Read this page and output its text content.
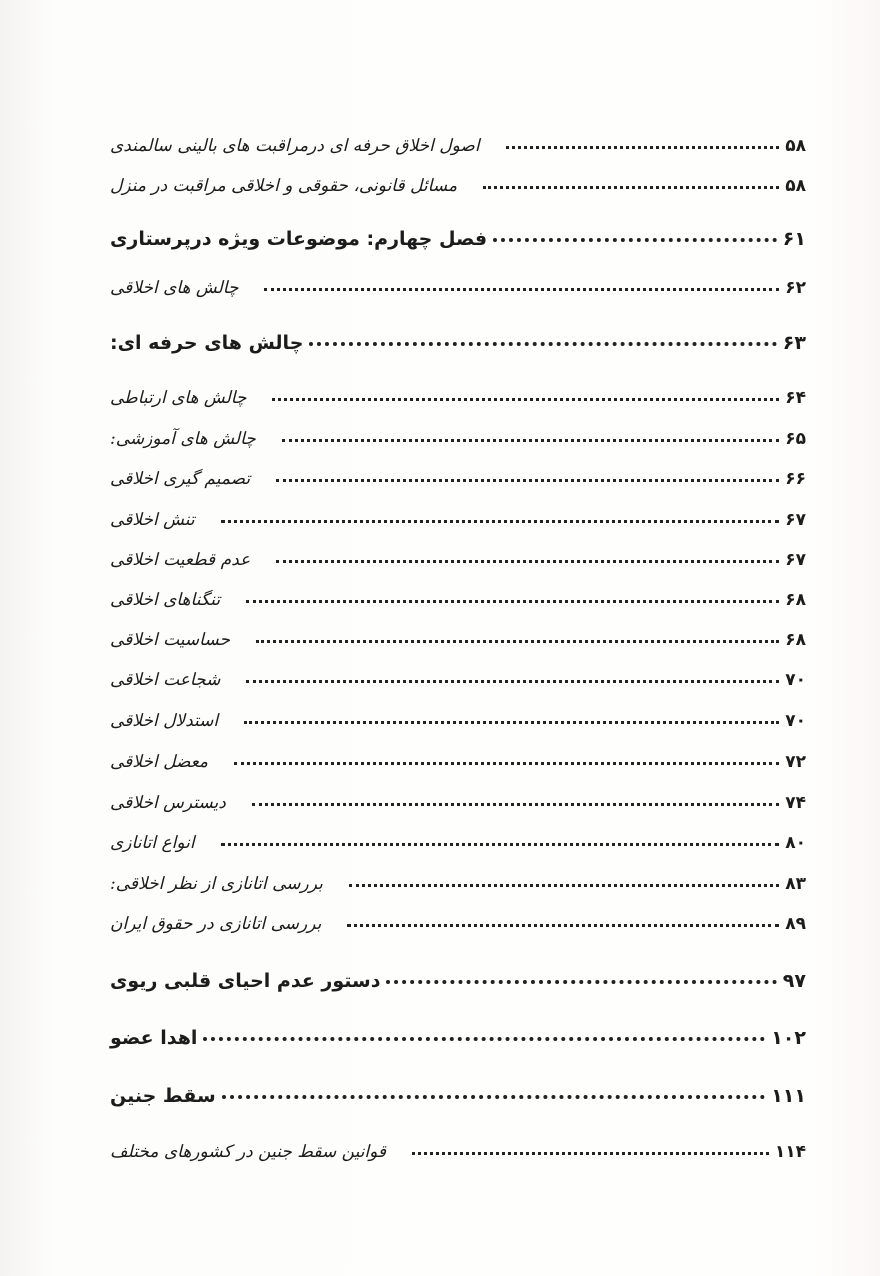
اصول اخلاق حرفه ای درمراقبت های بالینی سالمندی	۵۸
مسائل قانونی، حقوقی و اخلاقی مراقبت در منزل	۵۸
فصل چهارم: موضوعات ویژه درپرستاری	۶۱
چالش های اخلاقی	۶۲
چالش های حرفه ای:	۶۳
چالش های ارتباطی	۶۴
چالش های آموزشی:	۶۵
تصمیم گیری اخلاقی	۶۶
تنش اخلاقی	۶۷
عدم قطعیت اخلاقی	۶۷
تنگناهای اخلاقی	۶۸
حساسیت اخلاقی	۶۸
شجاعت اخلاقی	۷۰
استدلال اخلاقی	۷۰
معضل اخلاقی	۷۲
دیسترس اخلاقی	۷۴
انواع اتانازی	۸۰
بررسی اتانازی از نظر اخلاقی:	۸۳
بررسی اتانازی در حقوق ایران	۸۹
دستور عدم احیای قلبی ریوی	۹۷
اهدا عضو	۱۰۲
سقط جنین	۱۱۱
قوانین سقط جنین در کشورهای مختلف	۱۱۴
